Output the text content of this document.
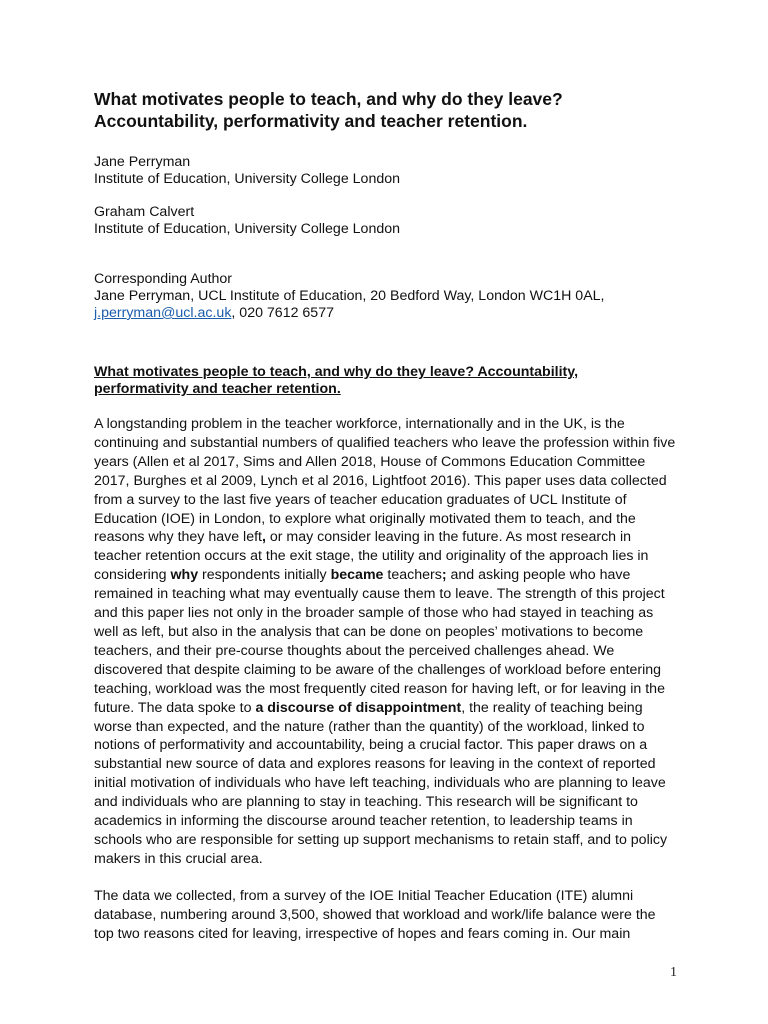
What motivates people to teach, and why do they leave?
Accountability, performativity and teacher retention.
Jane Perryman
Institute of Education, University College London
Graham Calvert
Institute of Education, University College London
Corresponding Author
Jane Perryman, UCL Institute of Education, 20 Bedford Way, London WC1H 0AL,
j.perryman@ucl.ac.uk, 020 7612 6577
What motivates people to teach, and why do they leave? Accountability,
performativity and teacher retention.
A longstanding problem in the teacher workforce, internationally and in the UK, is the
continuing and substantial numbers of qualified teachers who leave the profession within five
years (Allen et al 2017, Sims and Allen 2018, House of Commons Education Committee
2017, Burghes et al 2009, Lynch et al 2016, Lightfoot 2016). This paper uses data collected
from a survey to the last five years of teacher education graduates of UCL Institute of
Education (IOE) in London, to explore what originally motivated them to teach, and the
reasons why they have left, or may consider leaving in the future. As most research in
teacher retention occurs at the exit stage, the utility and originality of the approach lies in
considering why respondents initially became teachers; and asking people who have
remained in teaching what may eventually cause them to leave. The strength of this project
and this paper lies not only in the broader sample of those who had stayed in teaching as
well as left, but also in the analysis that can be done on peoples’ motivations to become
teachers, and their pre-course thoughts about the perceived challenges ahead. We
discovered that despite claiming to be aware of the challenges of workload before entering
teaching, workload was the most frequently cited reason for having left, or for leaving in the
future. The data spoke to a discourse of disappointment, the reality of teaching being
worse than expected, and the nature (rather than the quantity) of the workload, linked to
notions of performativity and accountability, being a crucial factor. This paper draws on a
substantial new source of data and explores reasons for leaving in the context of reported
initial motivation of individuals who have left teaching, individuals who are planning to leave
and individuals who are planning to stay in teaching. This research will be significant to
academics in informing the discourse around teacher retention, to leadership teams in
schools who are responsible for setting up support mechanisms to retain staff, and to policy
makers in this crucial area.
The data we collected, from a survey of the IOE Initial Teacher Education (ITE) alumni
database, numbering around 3,500, showed that workload and work/life balance were the
top two reasons cited for leaving, irrespective of hopes and fears coming in. Our main
1
